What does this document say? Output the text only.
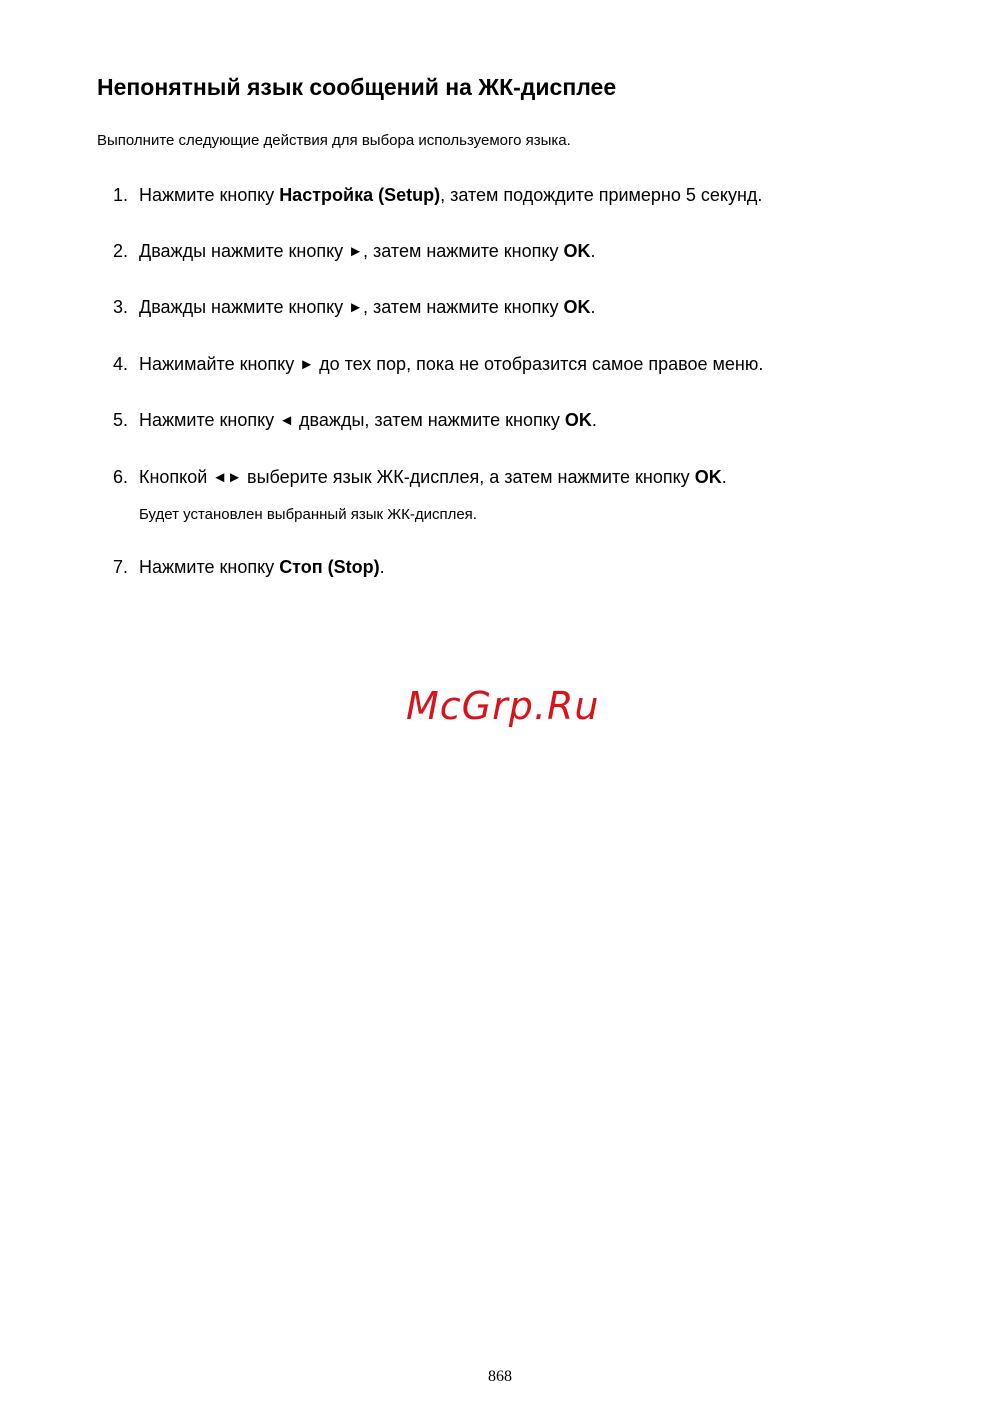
Непонятный язык сообщений на ЖК-дисплее

Выполните следующие действия для выбора используемого языка.

1. Нажмите кнопку Настройка (Setup), затем подождите примерно 5 секунд.
2. Дважды нажмите кнопку ►, затем нажмите кнопку OK.
3. Дважды нажмите кнопку ►, затем нажмите кнопку OK.
4. Нажимайте кнопку ► до тех пор, пока не отобразится самое правое меню.
5. Нажмите кнопку ◄ дважды, затем нажмите кнопку OK.
6. Кнопкой ◄► выберите язык ЖК-дисплея, а затем нажмите кнопку OK.
Будет установлен выбранный язык ЖК-дисплея.
7. Нажмите кнопку Стоп (Stop).
McGrp.Ru
868
